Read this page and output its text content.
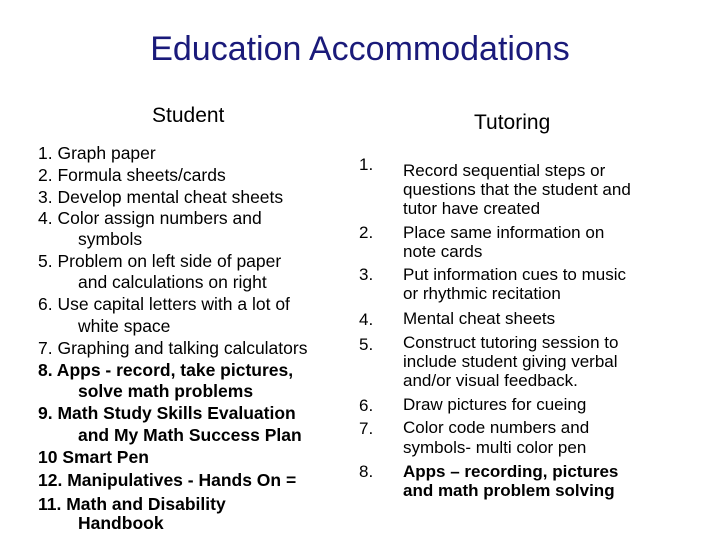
Education Accommodations
Student	Tutoring
1. Graph paper
2. Formula sheets/cards
3. Develop mental cheat sheets
4. Color assign numbers and
symbols
5. Problem on left side of paper
and calculations on right
6. Use capital letters with a lot of
white space
7. Graphing and talking calculators
8. Apps - record, take pictures,
solve math problems
9. Math Study Skills Evaluation
and My Math Success Plan
10 Smart Pen
12. Manipulatives - Hands On =
11. Math and Disability
Handbook
1.
2.
3.
4.
5.
6.
7.
8.
Record sequential steps or
questions that the student and
tutor have created
Place same information on
note cards
Put information cues to music
or rhythmic recitation
Mental cheat sheets
Construct tutoring session to
include student giving verbal
and/or visual feedback.
Draw pictures for cueing
Color code numbers and
symbols- multi color pen
Apps – recording, pictures
and math problem solving
